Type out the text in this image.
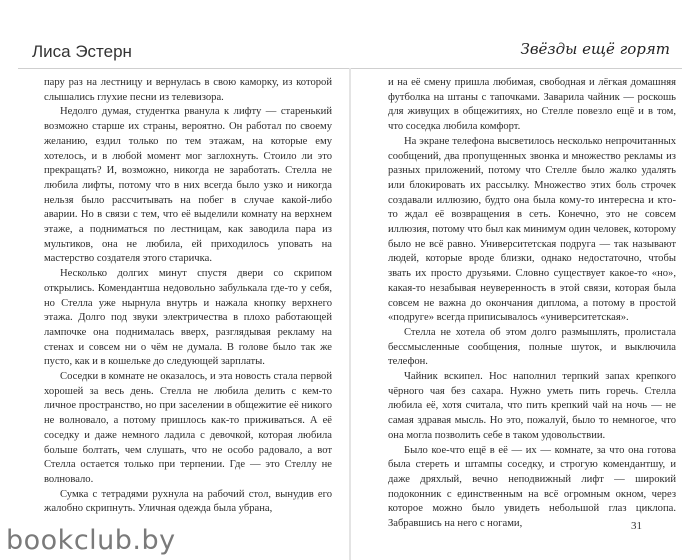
Лиса Эстерн	Звёзды ещё горят

пару раз на лестницу и вернулась в свою каморку, из которой слышались глухие песни из телевизора.

Недолго думая, студентка рванула к лифту — старенький возможно старше их страны, вероятно. Он работал по своему желанию, ездил только по тем этажам, на которые ему хотелось, и в любой момент мог заглохнуть. Стоило ли это прекращать? И, возможно, никогда не заработать. Стелла не любила лифты, потому что в них всегда было узко и никогда нельзя было рассчитывать на побег в случае какой-либо аварии. Но в связи с тем, что её выделили комнату на верхнем этаже, а подниматься по лестницам, как заводила пара из мультиков, она не любила, ей приходилось уповать на мастерство создателя этого старичка.

Несколько долгих минут спустя двери со скрипом открылись. Комендантша недовольно забулькала где-то у себя, но Стелла уже нырнула внутрь и нажала кнопку верхнего этажа. Долго под звуки электричества в плохо работающей лампочке она поднималась вверх, разглядывая рекламу на стенах и совсем ни о чём не думала. В голове было так же пусто, как и в кошельке до следующей зарплаты.

Соседки в комнате не оказалось, и эта новость стала первой хорошей за весь день. Стелла не любила делить с кем-то личное пространство, но при заселении в общежитие её никого не волновало, а потому пришлось как-то приживаться. А её соседку и даже немного ладила с девочкой, которая любила больше болтать, чем слушать, что не особо радовало, а вот Стелла остается только при терпении. Где — это Стеллу не волновало.

Сумка с тетрадями рухнула на рабочий стол, вынудив его жалобно скрипнуть. Уличная одежда была убрана,

и на её смену пришла любимая, свободная и лёгкая домашняя футболка на штаны с тапочками. Заварила чайник — роскошь для живущих в общежитиях, но Стелле повезло ещё и в том, что соседка любила комфорт.

На экране телефона высветилось несколько непрочитанных сообщений, два пропущенных звонка и множество рекламы из разных приложений, потому что Стелле было жалко удалять или блокировать их рассылку. Множество этих боль строчек создавали иллюзию, будто она была кому-то интересна и кто-то ждал её возвращения в сеть. Конечно, это не совсем иллюзия, потому что был как минимум один человек, которому было не всё равно. Университетская подруга — так называют людей, которые вроде близки, однако недостаточно, чтобы звать их просто друзьями. Словно существует какое-то «но», какая-то незабывая неуверенность в этой связи, которая была совсем не важна до окончания диплома, а потому в простой «подруге» всегда приписывалось «университетская».

Стелла не хотела об этом долго размышлять, пролистала бессмысленные сообщения, полные шуток, и выключила телефон.

Чайник вскипел. Нос наполнил терпкий запах крепкого чёрного чая без сахара. Нужно уметь пить горечь. Стелла любила её, хотя считала, что пить крепкий чай на ночь — не самая здравая мысль. Но это, пожалуй, было то немногое, что она могла позволить себе в таком удовольствии.

Было кое-что ещё в её — их — комнате, за что она готова была стереть и штампы соседку, и строгую комендантшу, и даже дряхлый, вечно неподвижный лифт — широкий подоконник с единственным на всё огромным окном, через которое можно было увидеть небольшой глаз циклопа. Забравшись на него с ногами,	31
bookclub.by
